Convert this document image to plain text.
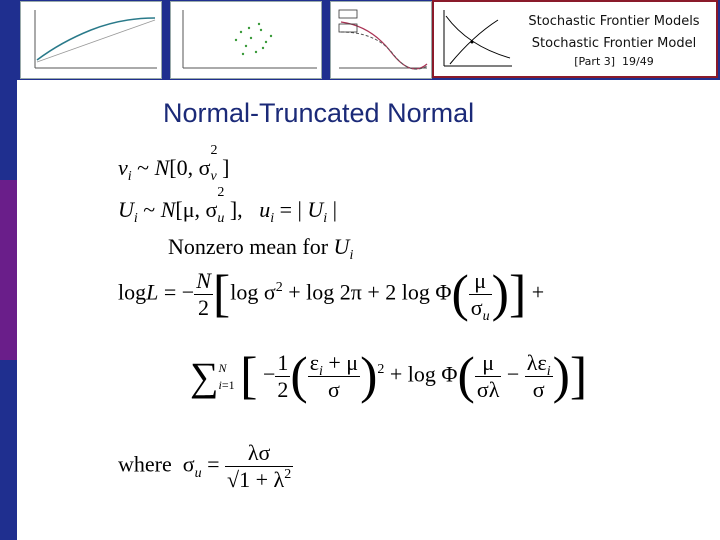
Stochastic Frontier Models
Stochastic Frontier Model
[Part 3] 19/49
Normal-Truncated Normal
$v_i$ ~ N[0, σ
2
$_v$ ]
$U_i$ ~ N[μ, σ
2
$_u$ ],   $u_i$ = | $U_i$ |
Nonzero mean for $U_i$
logL = − $\frac{N}{2} [\log$ $\sigma^2 + \log 2\pi + 2$ $\log \Phi( \frac{\mu}{\sigma_u}$ )] +
∑ N
i=1 [ − $\frac{1}{2}$ ( $\frac{\varepsilon_i + \mu}{\sigma} )^2 + \log \Phi( \frac{\mu}{\sigma\lambda} - \frac{\lambda\varepsilon_i}{\sigma}$ )]
where  $\sigma_u = \frac{\lambda\sigma}{√1 + \lambda^2}$
